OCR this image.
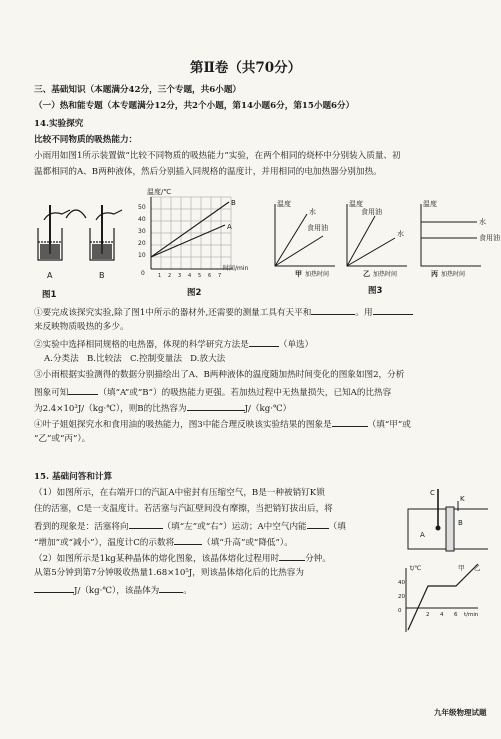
第Ⅱ卷（共70分）
三、基础知识（本题满分42分，三个专题，共6小题）
（一）热和能专题（本专题满分12分，共2个小题，第14小题6分，第15小题6分）
14.实验探究
比较不同物质的吸热能力：
小雨用如图1所示装置做“比较不同物质的吸热能力”实验，在两个相同的烧杯中分别装入质量、初
温都相同的A、B两种液体，然后分别插入同规格的温度计，并用相同的电加热器分别加热。
A	B
图1
0
温度/℃
时间/min
50
40
30
20
10
1 2 3 4 5 6 7
B
A
图2
温度
水
食用油
甲 加热时间
温度
食用油
水
乙 加热时间
温度
水
食用油
丙 加热时间
图3
①要完成该探究实验,除了图1中所示的器材外,还需要的测量工具有天平和	。用
来反映物质吸热的多少。
②实验中选择相同规格的电热器，体现的科学研究方法是	（单选）
A.分类法 B.比较法 C.控制变量法 D.放大法
③小雨根据实验测得的数据分别描绘出了A、B两种液体的温度随加热时间变化的图象如图2，分析
图象可知	（填“A”或“B”）的吸热能力更强。若加热过程中无热量损失，已知A的比热容
为2.4×10³J/（kg·℃），则B的比热容为	J/（kg·℃）
④叶子姐姐探究水和食用油的吸热能力，图3中能合理反映该实验结果的图象是	（填“甲”或
“乙”或“丙”）。
15. 基础问答和计算
（1）如图所示，在右端开口的汽缸A中密封有压缩空气，B是一种被销钉K锁
住的活塞，C是一支温度计。若活塞与汽缸壁间没有摩擦，当把销钉拔出后，将
看到的现象是：活塞将向	（填“左”或“右”）运动；A中空气内能	（填
“增加”或“减小”），温度计C的示数将	（填“升高”或“降低”）。
（2）如图所示是1kg某种晶体的熔化图象，该晶体熔化过程用时	分钟。
从第5分钟到第7分钟吸收热量1.68×10⁵J，则该晶体熔化后的比热容为
J/（kg·℃），该晶体为	。
C
K
A
B
t/℃
40
20
0
2 4 6 t/min
甲 乙
九年级物理试题
